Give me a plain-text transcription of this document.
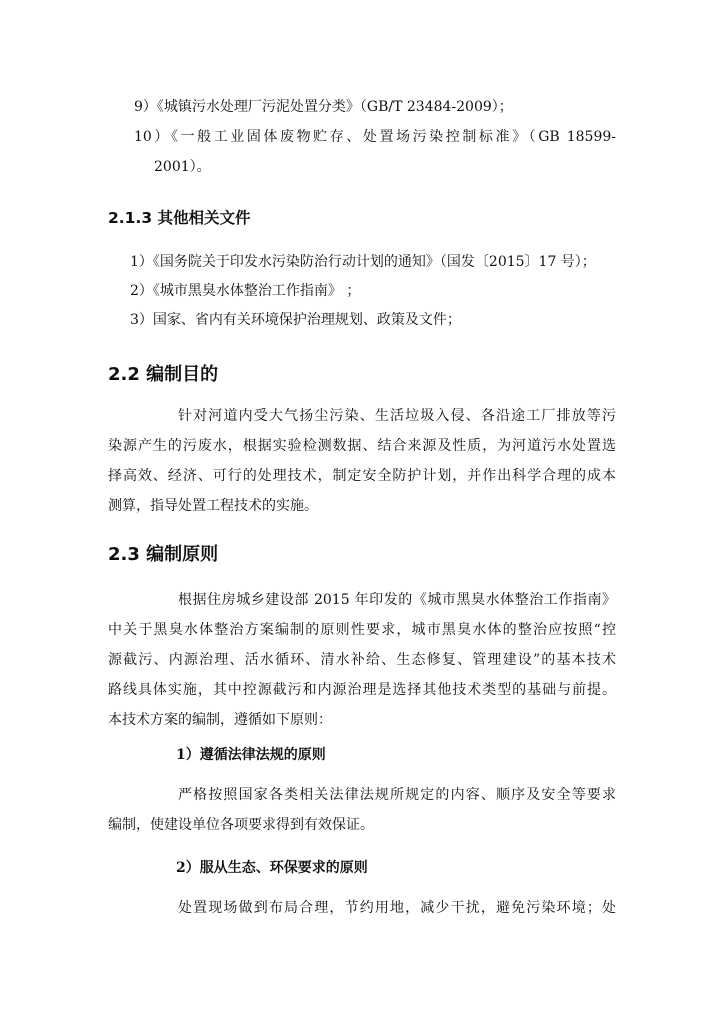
9）《城镇污水处理厂污泥处置分类》（GB/T 23484-2009）；
10）《一般工业固体废物贮存、处置场污染控制标准》（GB 18599-
2001）。
2.1.3 其他相关文件
1）《国务院关于印发水污染防治行动计划的通知》（国发〔2015〕17 号）；
2）《城市黑臭水体整治工作指南》 ；
3）国家、省内有关环境保护治理规划、政策及文件；
2.2 编制目的
针对河道内受大气扬尘污染、生活垃圾入侵、各沿途工厂排放等污
染源产生的污废水，根据实验检测数据、结合来源及性质，为河道污水处置选
择高效、经济、可行的处理技术，制定安全防护计划，并作出科学合理的成本
测算，指导处置工程技术的实施。
2.3 编制原则
根据住房城乡建设部 2015 年印发的《城市黑臭水体整治工作指南》
中关于黑臭水体整治方案编制的原则性要求，城市黑臭水体的整治应按照“控
源截污、内源治理、活水循环、清水补给、生态修复、管理建设”的基本技术
路线具体实施，其中控源截污和内源治理是选择其他技术类型的基础与前提。
本技术方案的编制，遵循如下原则：
1）遵循法律法规的原则
严格按照国家各类相关法律法规所规定的内容、顺序及安全等要求
编制，使建设单位各项要求得到有效保证。
2）服从生态、环保要求的原则
处置现场做到布局合理，节约用地，减少干扰，避免污染环境；处
